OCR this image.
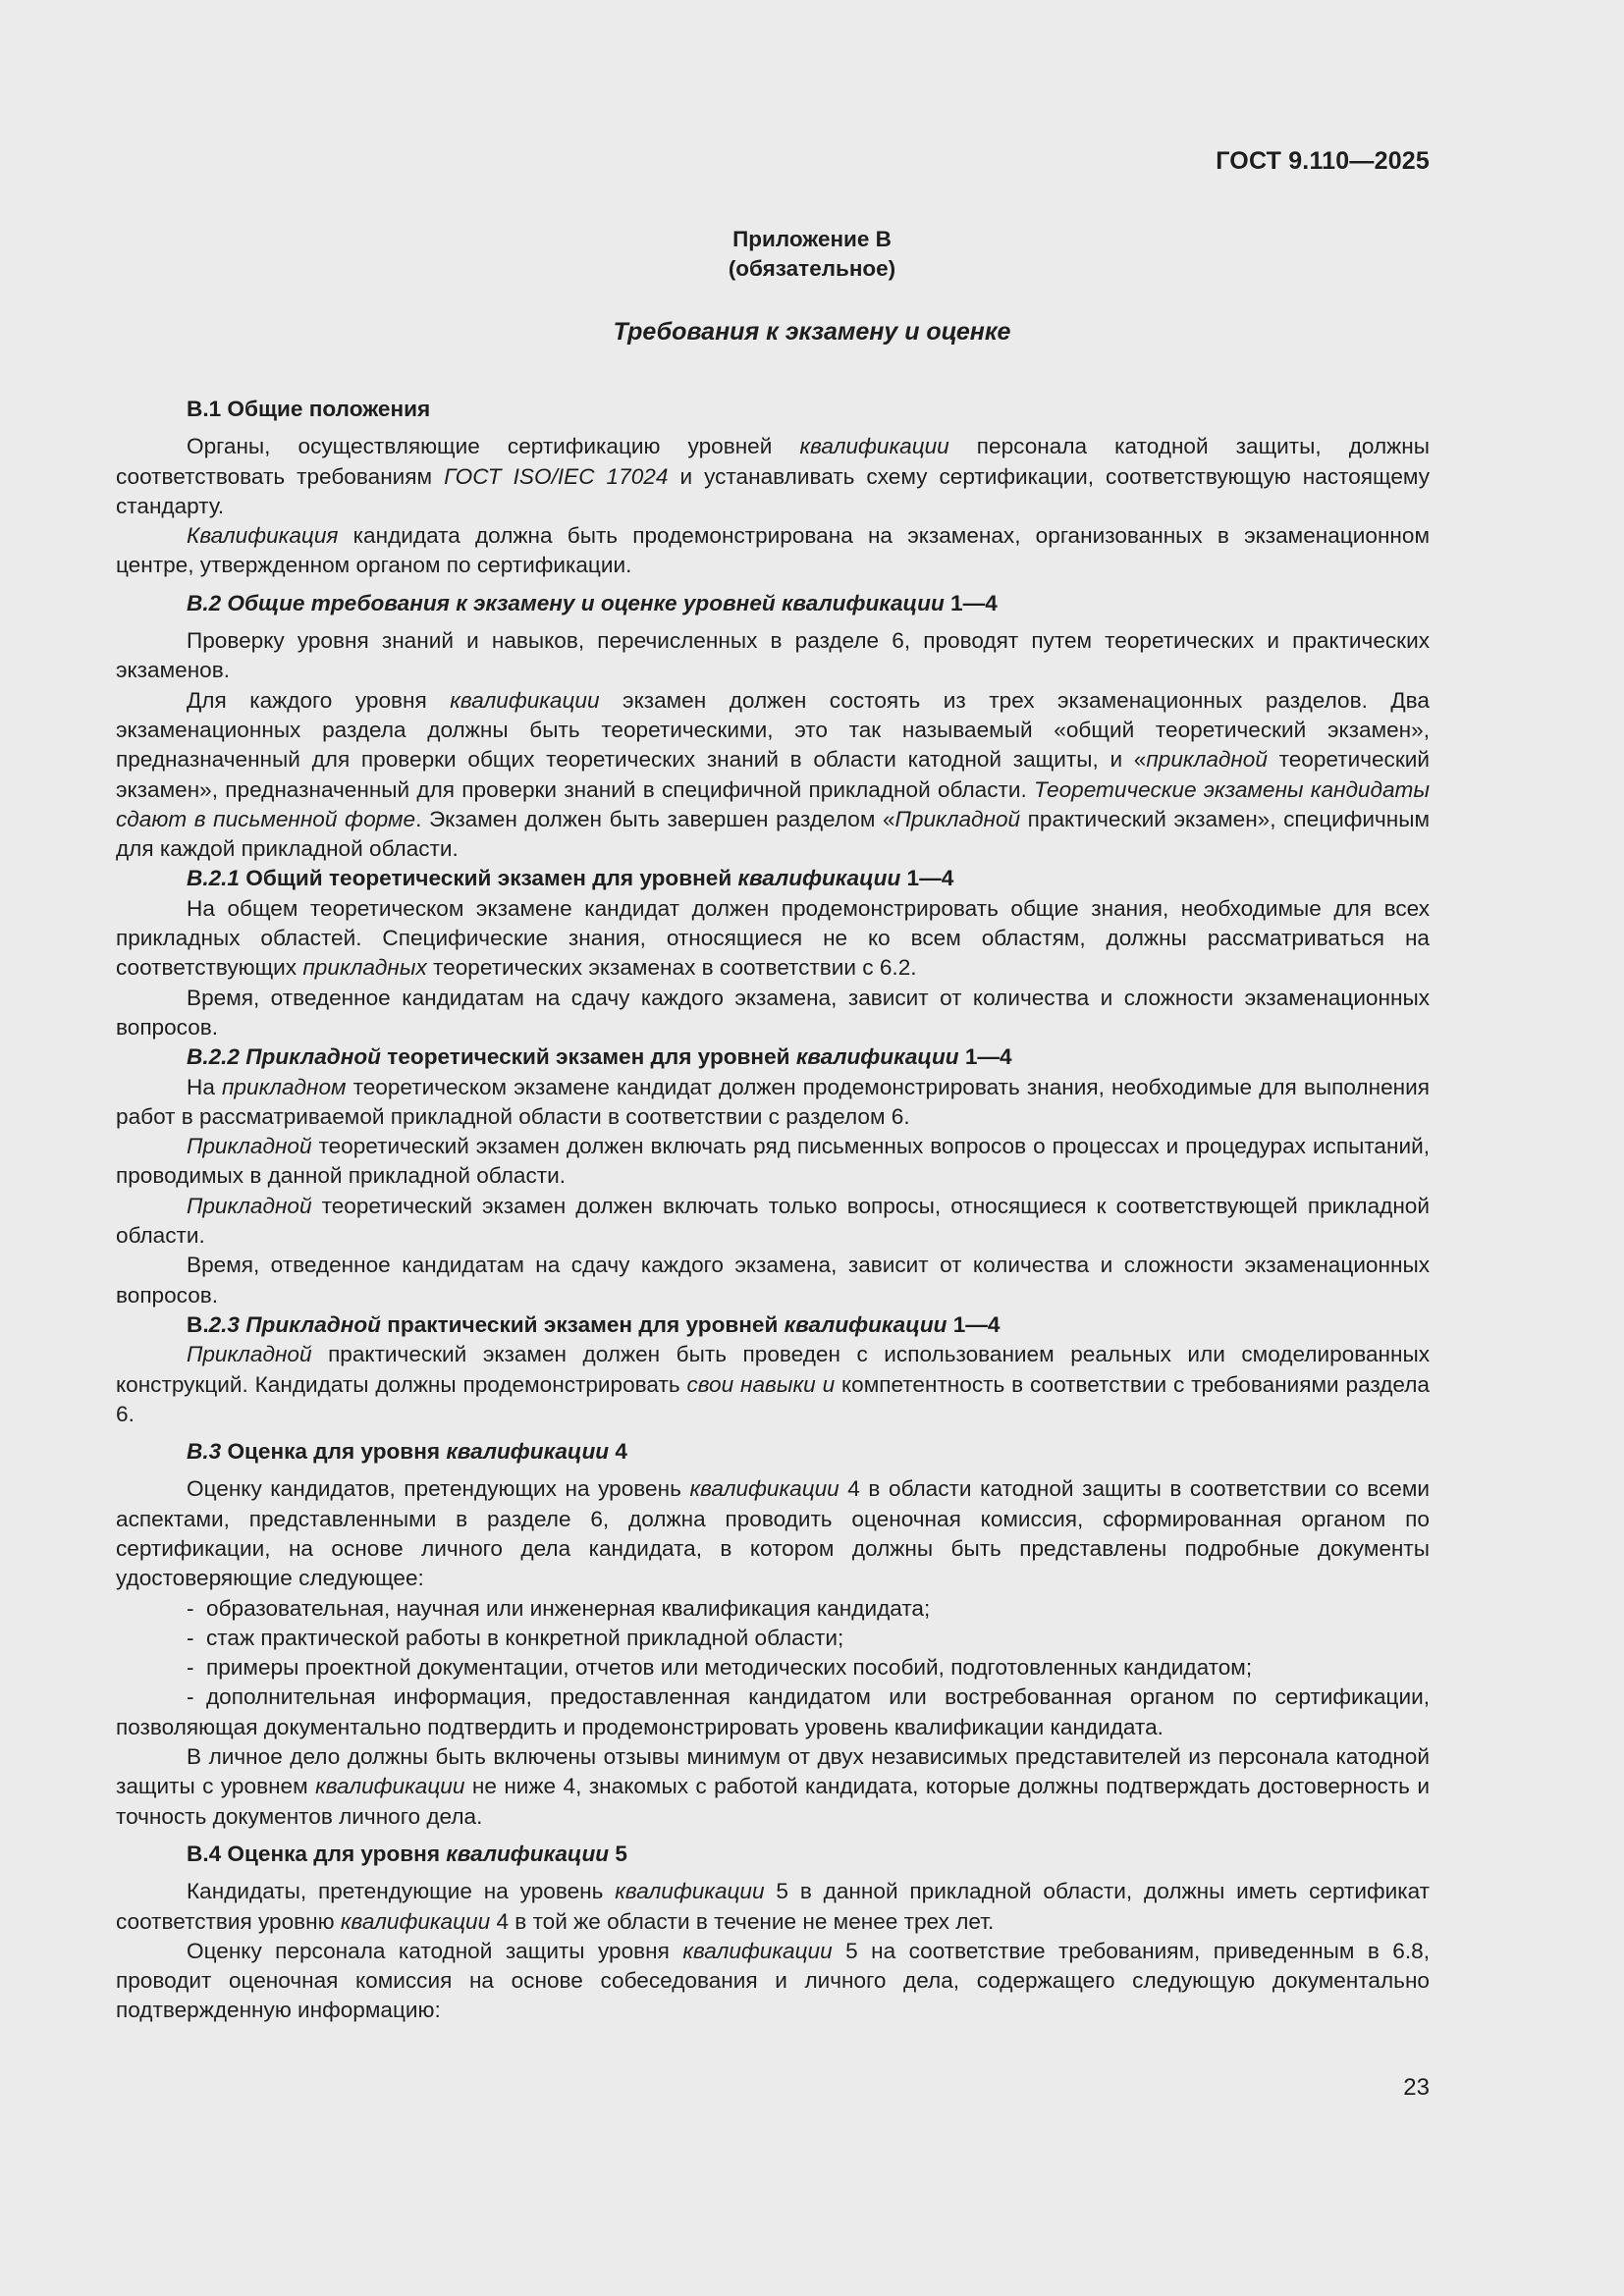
ГОСТ 9.110—2025
Приложение В
(обязательное)
Требования к экзамену и оценке
В.1 Общие положения

Органы, осуществляющие сертификацию уровней квалификации персонала катодной защиты, должны соответствовать требованиям ГОСТ ISO/IEC 17024 и устанавливать схему сертификации, соответствующую настоящему стандарту.

Квалификация кандидата должна быть продемонстрирована на экзаменах, организованных в экзаменационном центре, утвержденном органом по сертификации.

В.2 Общие требования к экзамену и оценке уровней квалификации 1—4

Проверку уровня знаний и навыков, перечисленных в разделе 6, проводят путем теоретических и практических экзаменов.

Для каждого уровня квалификации экзамен должен состоять из трех экзаменационных разделов. Два экзаменационных раздела должны быть теоретическими, это так называемый «общий теоретический экзамен», предназначенный для проверки общих теоретических знаний в области катодной защиты, и «прикладной теоретический экзамен», предназначенный для проверки знаний в специфичной прикладной области. Теоретические экзамены кандидаты сдают в письменной форме. Экзамен должен быть завершен разделом «Прикладной практический экзамен», специфичным для каждой прикладной области.

В.2.1 Общий теоретический экзамен для уровней квалификации 1—4

На общем теоретическом экзамене кандидат должен продемонстрировать общие знания, необходимые для всех прикладных областей. Специфические знания, относящиеся не ко всем областям, должны рассматриваться на соответствующих прикладных теоретических экзаменах в соответствии с 6.2.

Время, отведенное кандидатам на сдачу каждого экзамена, зависит от количества и сложности экзаменационных вопросов.

В.2.2 Прикладной теоретический экзамен для уровней квалификации 1—4

На прикладном теоретическом экзамене кандидат должен продемонстрировать знания, необходимые для выполнения работ в рассматриваемой прикладной области в соответствии с разделом 6.

Прикладной теоретический экзамен должен включать ряд письменных вопросов о процессах и процедурах испытаний, проводимых в данной прикладной области.

Прикладной теоретический экзамен должен включать только вопросы, относящиеся к соответствующей прикладной области.

Время, отведенное кандидатам на сдачу каждого экзамена, зависит от количества и сложности экзаменационных вопросов.

В.2.3 Прикладной практический экзамен для уровней квалификации 1—4

Прикладной практический экзамен должен быть проведен с использованием реальных или смоделированных конструкций. Кандидаты должны продемонстрировать свои навыки и компетентность в соответствии с требованиями раздела 6.

В.3 Оценка для уровня квалификации 4

Оценку кандидатов, претендующих на уровень квалификации 4 в области катодной защиты в соответствии со всеми аспектами, представленными в разделе 6, должна проводить оценочная комиссия, сформированная органом по сертификации, на основе личного дела кандидата, в котором должны быть представлены подробные документы удостоверяющие следующее:

- образовательная, научная или инженерная квалификация кандидата;
- стаж практической работы в конкретной прикладной области;
- примеры проектной документации, отчетов или методических пособий, подготовленных кандидатом;
- дополнительная информация, предоставленная кандидатом или востребованная органом по сертификации, позволяющая документально подтвердить и продемонстрировать уровень квалификации кандидата.

В личное дело должны быть включены отзывы минимум от двух независимых представителей из персонала катодной защиты с уровнем квалификации не ниже 4, знакомых с работой кандидата, которые должны подтверждать достоверность и точность документов личного дела.

В.4 Оценка для уровня квалификации 5

Кандидаты, претендующие на уровень квалификации 5 в данной прикладной области, должны иметь сертификат соответствия уровню квалификации 4 в той же области в течение не менее трех лет.

Оценку персонала катодной защиты уровня квалификации 5 на соответствие требованиям, приведенным в 6.8, проводит оценочная комиссия на основе собеседования и личного дела, содержащего следующую документально подтвержденную информацию:

23
